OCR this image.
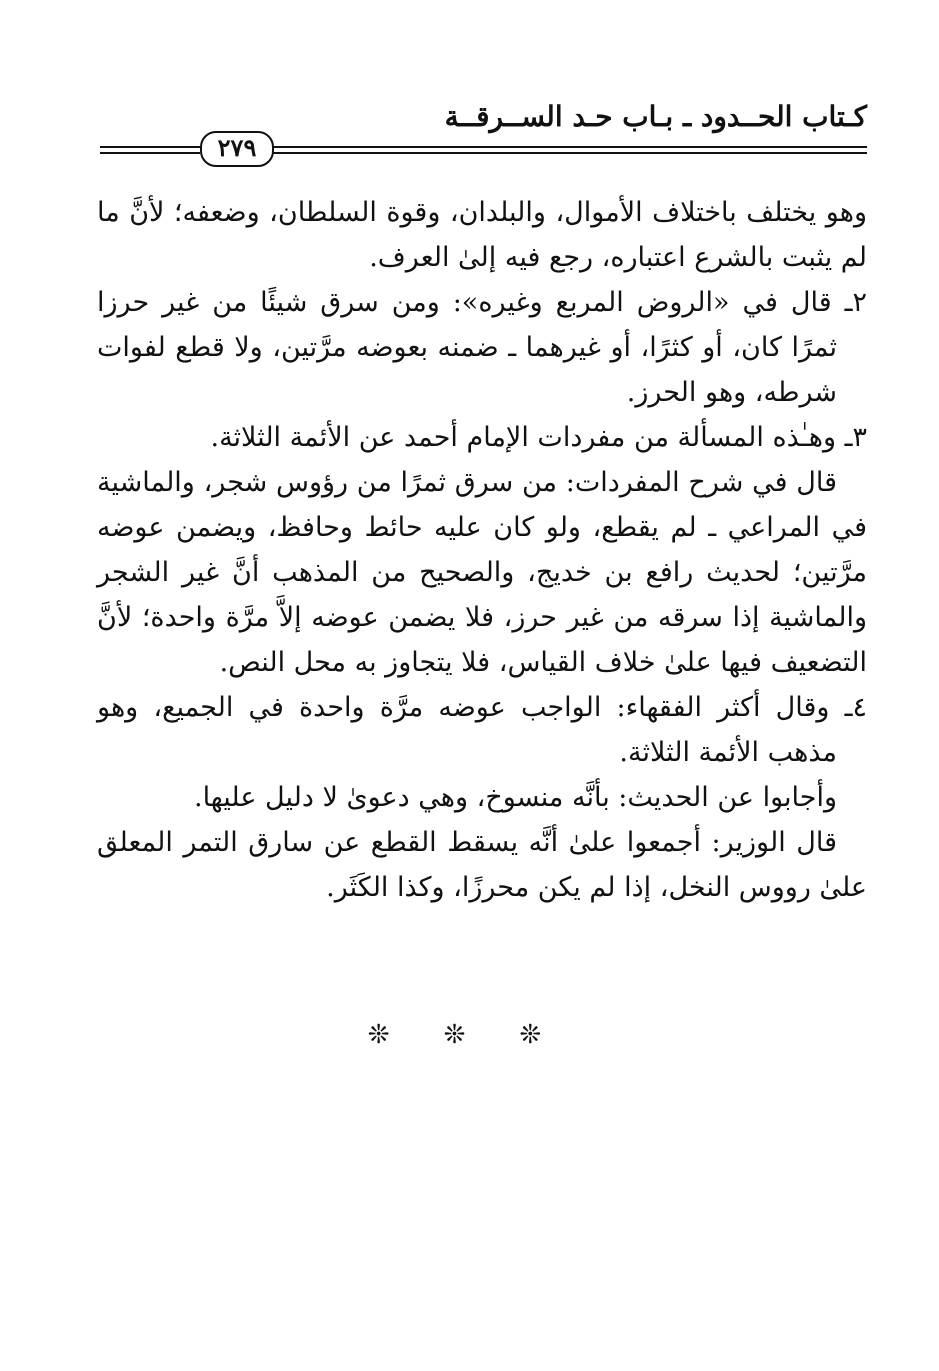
كـتاب الحــدود ـ بـاب حـد الســرقــة
٢٧٩

وهو يختلف باختلاف الأموال، والبلدان، وقوة السلطان، وضعفه؛ لأنَّ ما لم يثبت بالشرع اعتباره، رجع فيه إلىٰ العرف.

٢ـ قال في «الروض المربع وغيره»: ومن سرق شيئًا من غير حرزا ثمرًا كان، أو كثرًا، أو غيرهما ـ ضمنه بعوضه مرَّتين، ولا قطع لفوات شرطه، وهو الحرز.

٣ـ وهـٰذه المسألة من مفردات الإمام أحمد عن الأئمة الثلاثة.

قال في شرح المفردات: من سرق ثمرًا من رؤوس شجر، والماشية في المراعي ـ لم يقطع، ولو كان عليه حائط وحافظ، ويضمن عوضه مرَّتين؛ لحديث رافع بن خديج، والصحيح من المذهب أنَّ غير الشجر والماشية إذا سرقه من غير حرز، فلا يضمن عوضه إلاَّ مرَّة واحدة؛ لأنَّ التضعيف فيها علىٰ خلاف القياس، فلا يتجاوز به محل النص.

٤ـ وقال أكثر الفقهاء: الواجب عوضه مرَّة واحدة في الجميع، وهو مذهب الأئمة الثلاثة.

وأجابوا عن الحديث: بأنَّه منسوخ، وهي دعوىٰ لا دليل عليها.

قال الوزير: أجمعوا علىٰ أنَّه يسقط القطع عن سارق التمر المعلق علىٰ رووس النخل، إذا لم يكن محرزًا، وكذا الكَثَر.

❊ ❊ ❊
